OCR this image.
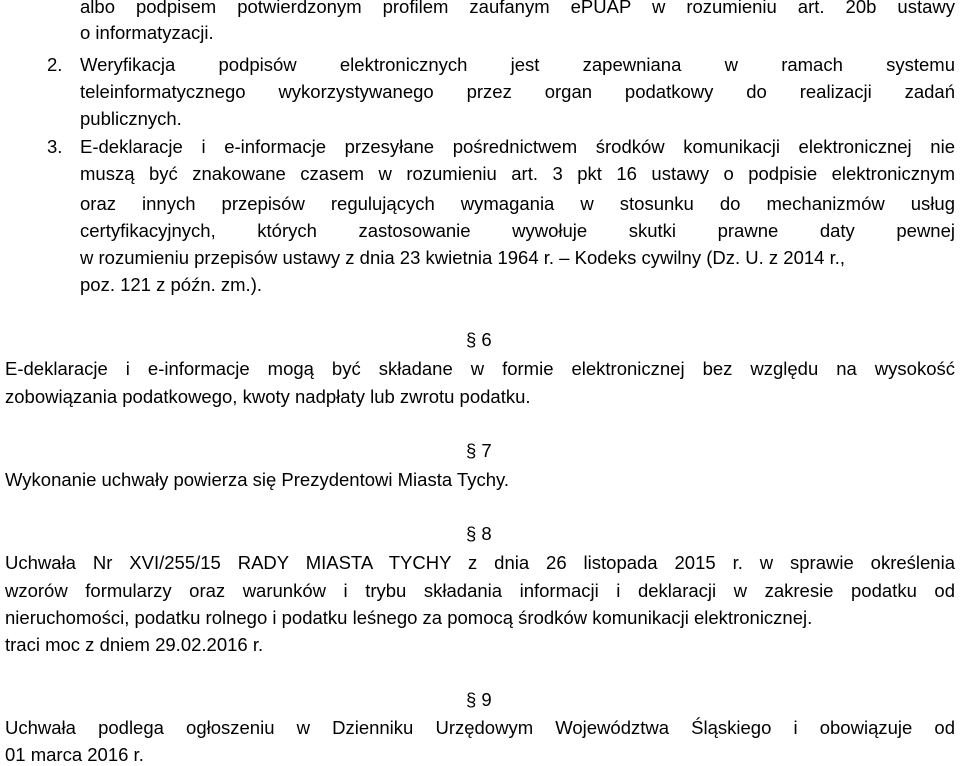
albo podpisem potwierdzonym profilem zaufanym ePUAP w rozumieniu art. 20b ustawy
o informatyzacji.
2. Weryfikacja podpisów elektronicznych jest zapewniana w ramach systemu
teleinformatycznego wykorzystywanego przez organ podatkowy do realizacji zadań
publicznych.
3. E-deklaracje i e-informacje przesyłane pośrednictwem środków komunikacji elektronicznej nie
muszą być znakowane czasem w rozumieniu art. 3 pkt 16 ustawy o podpisie elektronicznym
oraz innych przepisów regulujących wymagania w stosunku do mechanizmów usług
certyfikacyjnych, których zastosowanie wywołuje skutki prawne daty pewnej
w rozumieniu przepisów ustawy z dnia 23 kwietnia 1964 r. – Kodeks cywilny (Dz. U. z 2014 r.,
poz. 121 z późn. zm.).
§ 6
E-deklaracje i e-informacje mogą być składane w formie elektronicznej bez względu na wysokość
zobowiązania podatkowego, kwoty nadpłaty lub zwrotu podatku.
§ 7
Wykonanie uchwały powierza się Prezydentowi Miasta Tychy.
§ 8
Uchwała Nr XVI/255/15 RADY MIASTA TYCHY z dnia 26 listopada 2015 r. w sprawie określenia
wzorów formularzy oraz warunków i trybu składania informacji i deklaracji w zakresie podatku od
nieruchomości, podatku rolnego i podatku leśnego za pomocą środków komunikacji elektronicznej.
traci moc z dniem 29.02.2016 r.
§ 9
Uchwała podlega ogłoszeniu w Dzienniku Urzędowym Województwa Śląskiego i obowiązuje od
01 marca 2016 r.
